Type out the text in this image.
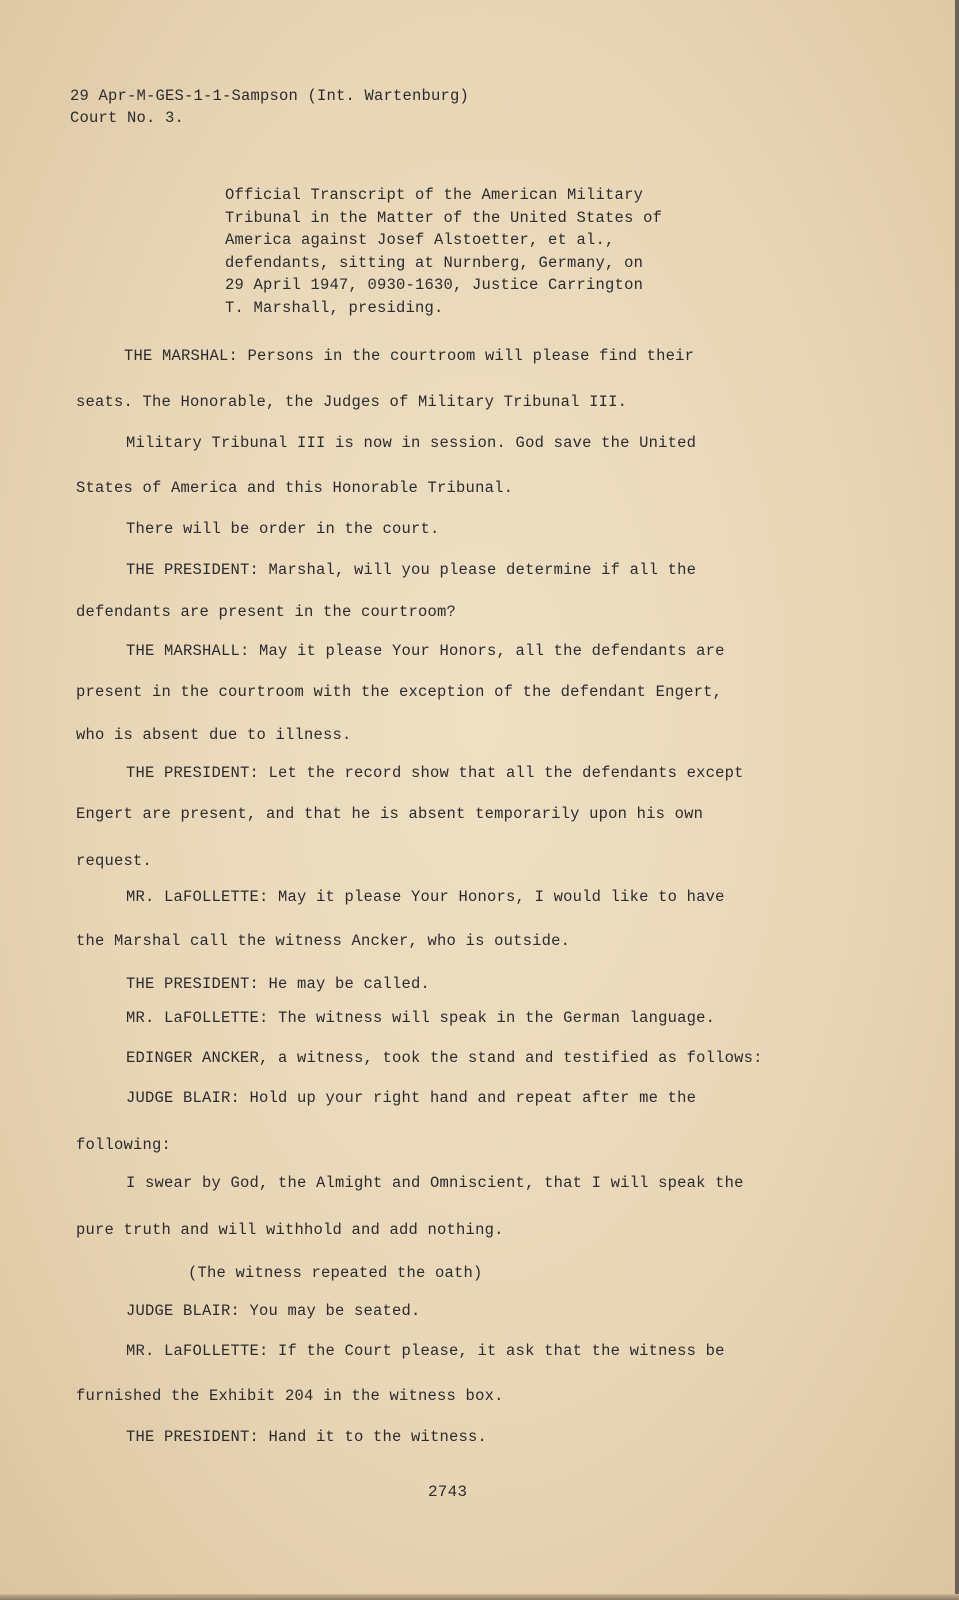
29 Apr-M-GES-1-1-Sampson (Int. Wartenburg)
Court No. 3.
Official Transcript of the American Military
Tribunal in the Matter of the United States of
America against Josef Alstoetter, et al.,
defendants, sitting at Nurnberg, Germany, on
29 April 1947, 0930-1630, Justice Carrington
T. Marshall, presiding.
THE MARSHAL: Persons in the courtroom will please find their
seats. The Honorable, the Judges of Military Tribunal III.
Military Tribunal III is now in session. God save the United
States of America and this Honorable Tribunal.
There will be order in the court.
THE PRESIDENT: Marshal, will you please determine if all the
defendants are present in the courtroom?
THE MARSHALL: May it please Your Honors, all the defendants are
present in the courtroom with the exception of the defendant Engert,
who is absent due to illness.
THE PRESIDENT: Let the record show that all the defendants except
Engert are present, and that he is absent temporarily upon his own
request.
MR. LaFOLLETTE: May it please Your Honors, I would like to have
the Marshal call the witness Ancker, who is outside.
THE PRESIDENT: He may be called.
MR. LaFOLLETTE: The witness will speak in the German language.
EDINGER ANCKER, a witness, took the stand and testified as follows:
JUDGE BLAIR: Hold up your right hand and repeat after me the
following:
I swear by God, the Almight and Omniscient, that I will speak the
pure truth and will withhold and add nothing.
(The witness repeated the oath)
JUDGE BLAIR: You may be seated.
MR. LaFOLLETTE: If the Court please, it ask that the witness be
furnished the Exhibit 204 in the witness box.
THE PRESIDENT: Hand it to the witness.
2743
